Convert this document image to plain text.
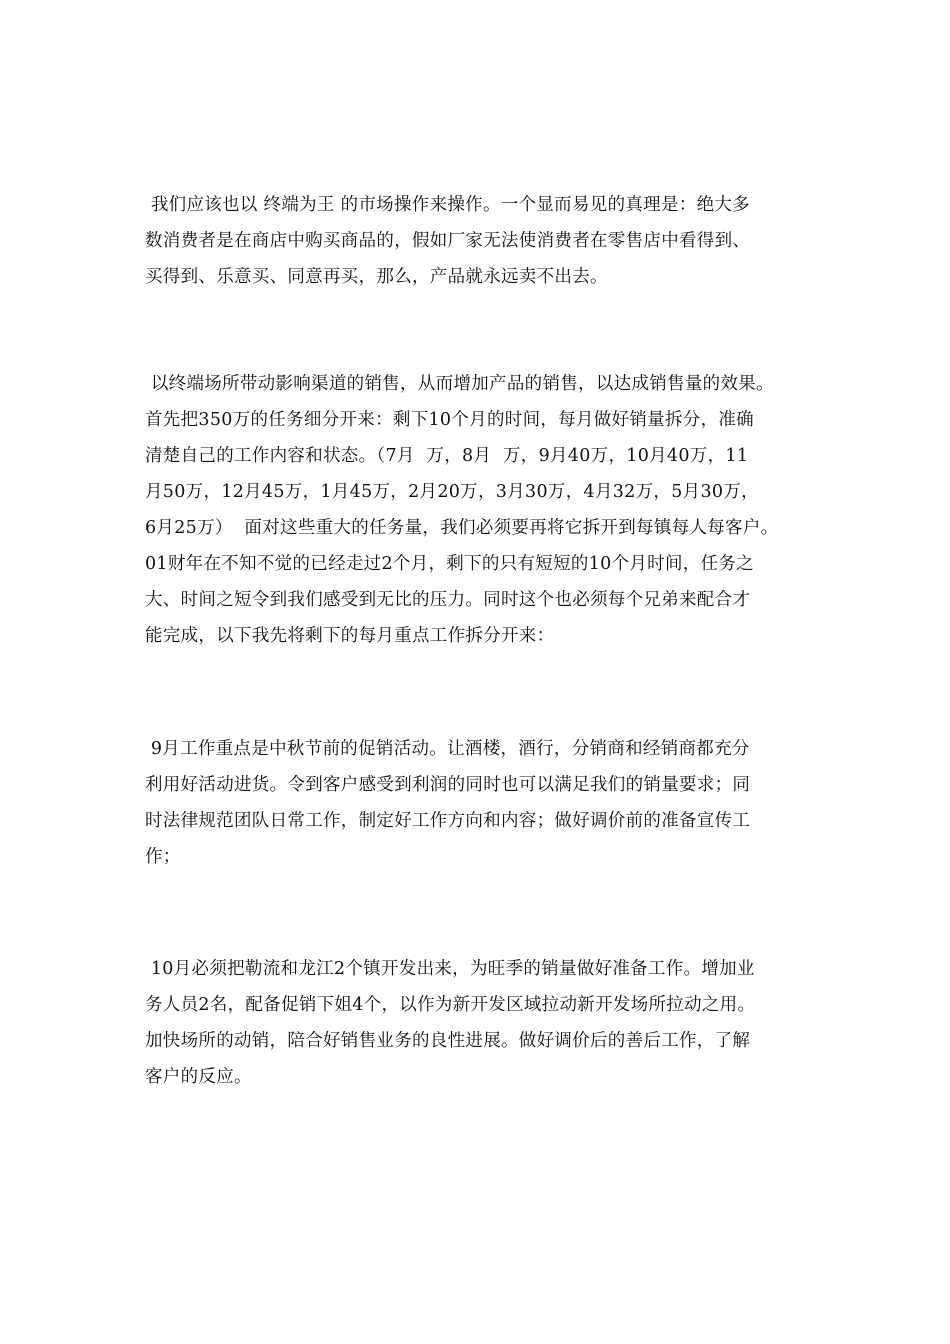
我们应该也以 终端为王 的市场操作来操作。一个显而易见的真理是：绝大多
数消费者是在商店中购买商品的，假如厂家无法使消费者在零售店中看得到、
买得到、乐意买、同意再买，那么，产品就永远卖不出去。
以终端场所带动影响渠道的销售，从而增加产品的销售，以达成销售量的效果。
首先把350万的任务细分开来：剩下10个月的时间，每月做好销量拆分，准确
清楚自己的工作内容和状态。（7月  万，8月  万，9月40万，10月40万，11
月50万，12月45万，1月45万，2月20万，3月30万，4月32万，5月30万，
6月25万）  面对这些重大的任务量，我们必须要再将它拆开到每镇每人每客户。
01财年在不知不觉的已经走过2个月，剩下的只有短短的10个月时间，任务之
大、时间之短令到我们感受到无比的压力。同时这个也必须每个兄弟来配合才
能完成，以下我先将剩下的每月重点工作拆分开来：
9月工作重点是中秋节前的促销活动。让酒楼，酒行，分销商和经销商都充分
利用好活动进货。令到客户感受到利润的同时也可以满足我们的销量要求；同
时法律规范团队日常工作，制定好工作方向和内容；做好调价前的准备宣传工
作；
10月必须把勒流和龙江2个镇开发出来，为旺季的销量做好准备工作。增加业
务人员2名，配备促销下姐4个，以作为新开发区域拉动新开发场所拉动之用。
加快场所的动销，陪合好销售业务的良性进展。做好调价后的善后工作，了解
客户的反应。
